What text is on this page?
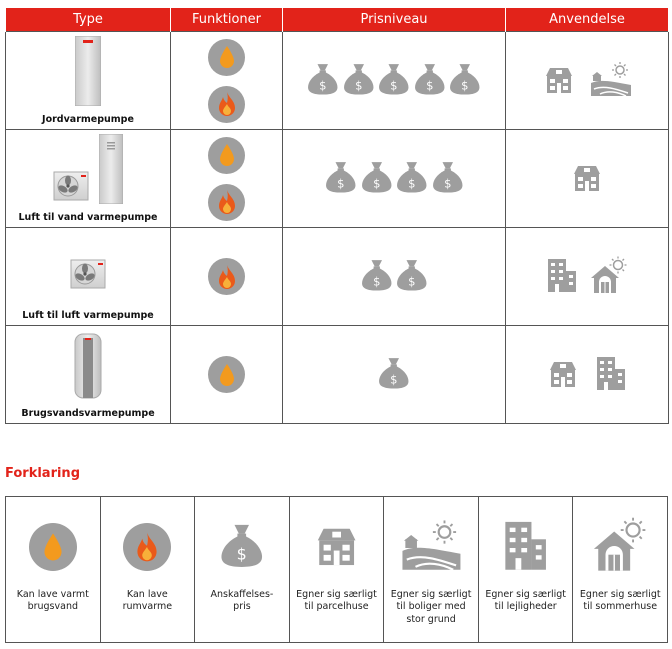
Type	Funktioner	Prisniveau	Anvendelse

Jordvarmepumpe		$ $ $ $ $

Luft til vand varmepumpe		$ $ $ $

Luft til luft varmepumpe		$ $

Brugsvandsvarmepumpe		$

Forklaring
Kan lave varmt
brugsvand
Kan lave
rumvarme
$
Anskaffelses-
pris
Egner sig særligt
til parcelhuse
Egner sig særligt
til boliger med
stor grund
Egner sig særligt
til lejligheder
Egner sig særligt
til sommerhuse
